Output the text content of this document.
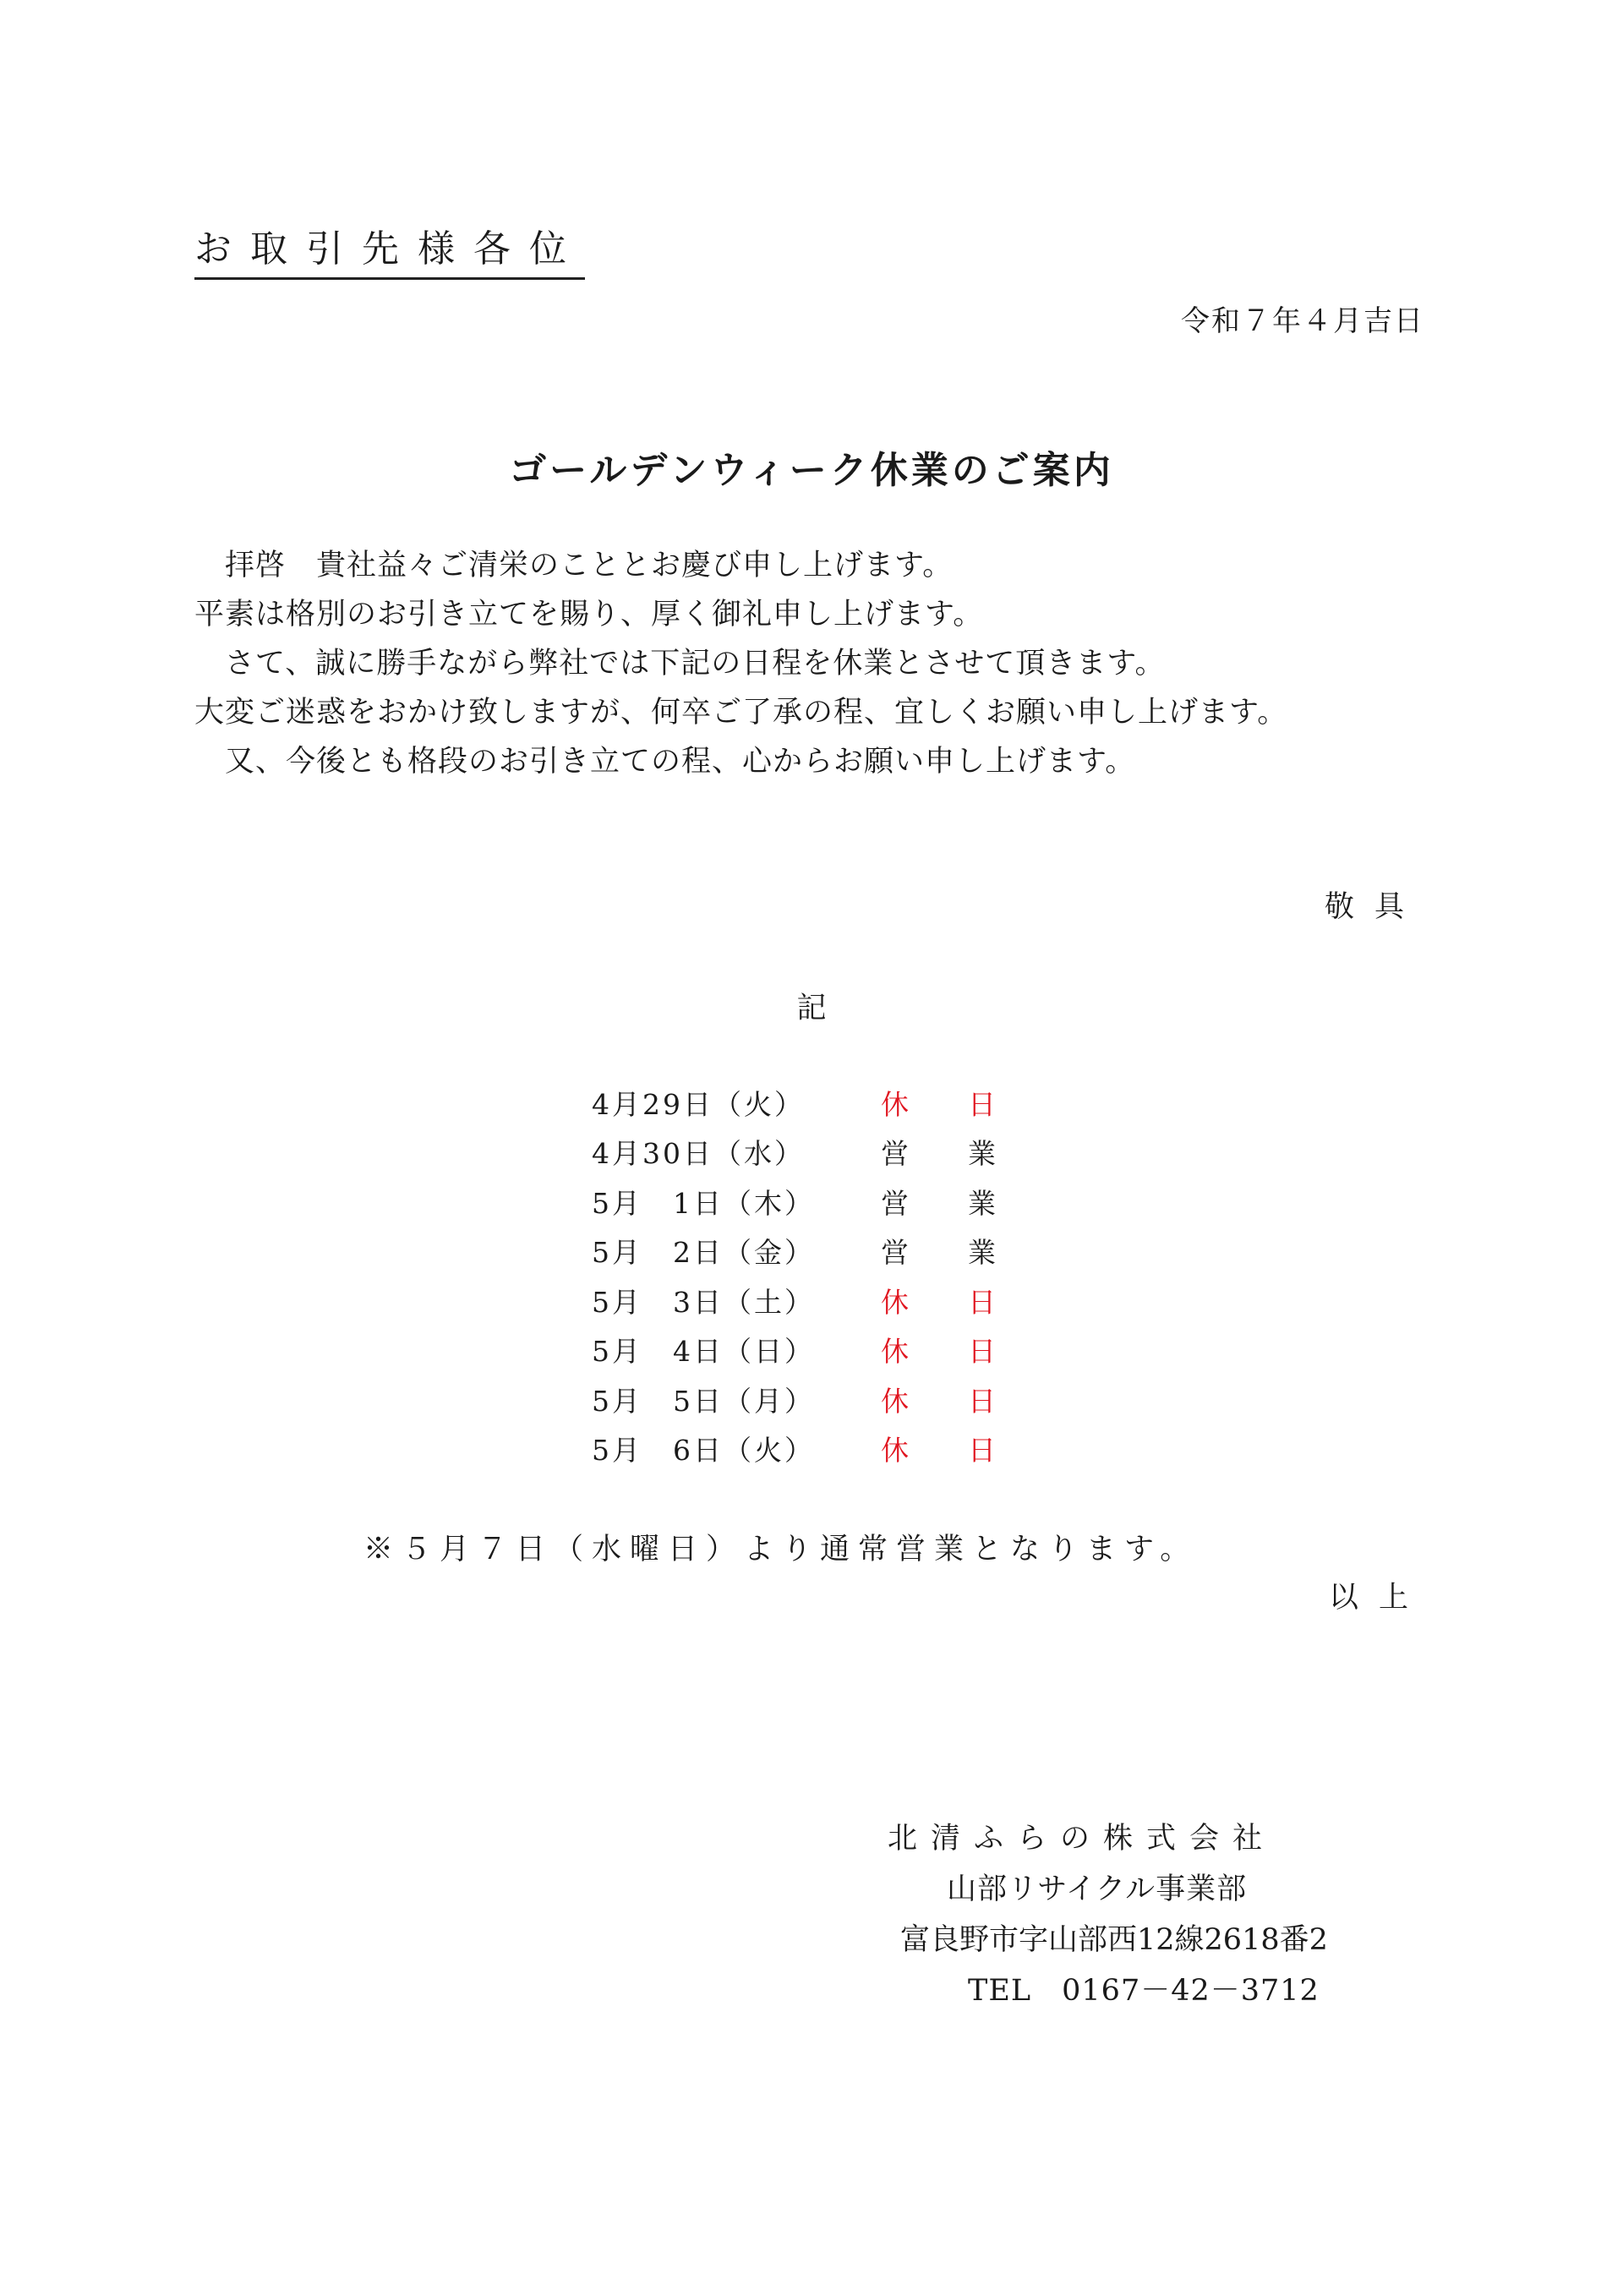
お取引先様各位
令和７年４月吉日
ゴールデンウィーク休業のご案内
　拝啓　貴社益々ご清栄のこととお慶び申し上げます。
平素は格別のお引き立てを賜り、厚く御礼申し上げます。
　さて、誠に勝手ながら弊社では下記の日程を休業とさせて頂きます。
大変ご迷惑をおかけ致しますが、何卒ご了承の程、宜しくお願い申し上げます。
　又、今後とも格段のお引き立ての程、心からお願い申し上げます。
敬具
記
4月29日（火）	休日
4月30日（水）	営業
5月　1日（木）	営業
5月　2日（金）	営業
5月　3日（土）	休日
5月　4日（日）	休日
5月　5日（月）	休日
5月　6日（火）	休日
※５月７日（水曜日）より通常営業となります。
以上
北清ふらの株式会社
山部リサイクル事業部
富良野市字山部西12線2618番2
TEL　0167－42－3712
